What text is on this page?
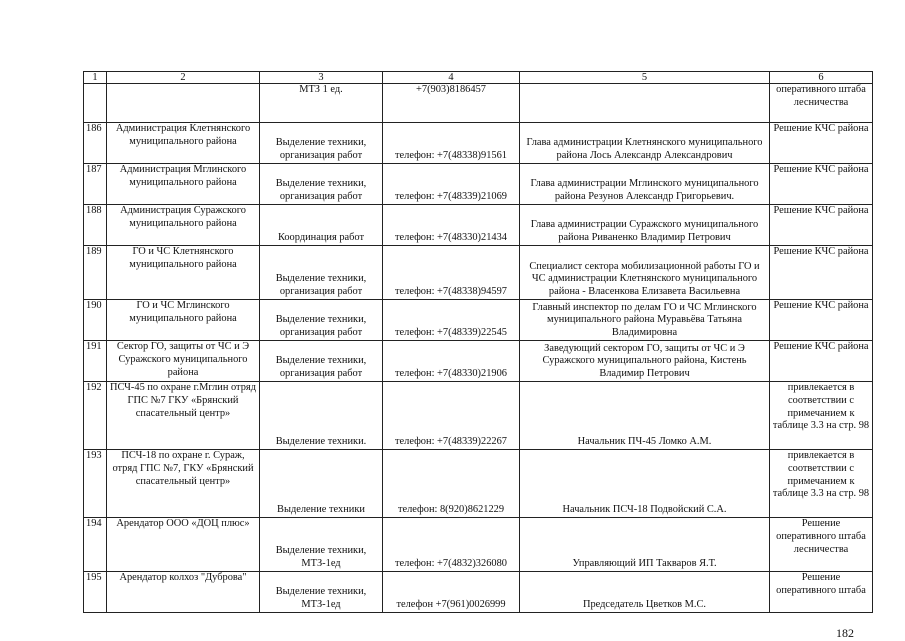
1	2	3	4	5	6
		МТЗ 1 ед.	+7(903)8186457		оперативного штаба лесничества
186	Администрация Клетнянского муниципального района	Выделение техники, организация работ	телефон: +7(48338)91561	Глава администрации Клетнянского муниципального района Лось Александр Александрович	Решение КЧС района
187	Администрация Мглинского муниципального района	Выделение техники, организация работ	телефон: +7(48339)21069	Глава администрации Мглинского муниципального района Резунов Александр Григорьевич.	Решение КЧС района
188	Администрация Суражского муниципального района	Координация работ	телефон: +7(48330)21434	Глава администрации Суражского муниципального района Риваненко Владимир Петрович	Решение КЧС района
189	ГО и ЧС Клетнянского муниципального района	Выделение техники, организация работ	телефон: +7(48338)94597	Специалист сектора мобилизационной работы ГО и ЧС администрации Клетнянского муниципального района - Власенкова Елизавета Васильевна	Решение КЧС района
190	ГО и ЧС Мглинского муниципального района	Выделение техники, организация работ	телефон: +7(48339)22545	Главный инспектор по делам ГО и ЧС Мглинского муниципального района Муравьёва Татьяна Владимировна	Решение КЧС района
191	Сектор ГО, защиты от ЧС и Э Суражского муниципального района	Выделение техники, организация работ	телефон: +7(48330)21906	Заведующий сектором ГО, защиты от ЧС и Э Суражского муниципального района, Кистень Владимир Петрович	Решение КЧС района
192	ПСЧ-45 по охране г.Мглин отряд ГПС №7 ГКУ «Брянский спасательный центр»	Выделение техники.	телефон: +7(48339)22267	Начальник ПЧ-45 Ломко А.М.	привлекается в соответствии с примечанием к таблице 3.3 на стр. 98
193	ПСЧ-18 по охране г. Сураж, отряд ГПС №7, ГКУ «Брянский спасательный центр»	Выделение техники	телефон: 8(920)8621229	Начальник ПСЧ-18 Подвойский С.А.	привлекается в соответствии с примечанием к таблице 3.3 на стр. 98
194	Арендатор ООО «ДОЦ плюс»	Выделение техники, МТЗ-1ед	телефон: +7(4832)326080	Управляющий ИП Такваров Я.Т.	Решение оперативного штаба лесничества
195	Арендатор колхоз "Дуброва"	Выделение техники, МТЗ-1ед	телефон +7(961)0026999	Председатель Цветков М.С.	Решение оперативного штаба
182
